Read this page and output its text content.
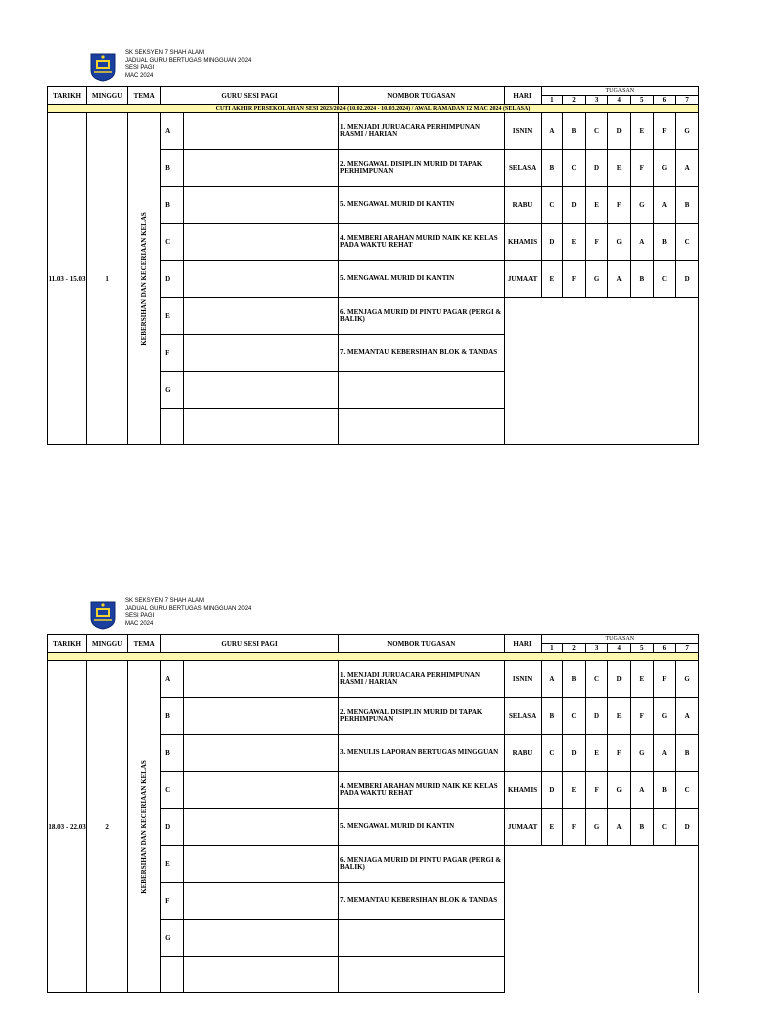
SK SEKSYEN 7 SHAH ALAM
JADUAL GURU BERTUGAS MINGGUAN 2024
SESI PAGI
MAC 2024
TARIKH	MINGGU	TEMA	GURU SESI PAGI		NOMBOR TUGASAN	HARI	TUGASAN						
							1	2	3	4	5	6	7
CUTI AKHIR PERSEKOLAHAN SESI 2023/2024 (10.02.2024 - 10.03.2024) / AWAL RAMADAN 12 MAC 2024 (SELASA)													
11.03 - 15.03	1	KEBERSIHAN DAN KECERIAAN KELAS	A		1. MENJADI JURUACARA PERHIMPUNAN RASMI / HARIAN	ISNIN	A	B	C	D	E	F	G
			B		2. MENGAWAL DISIPLIN MURID DI TAPAK PERHIMPUNAN	SELASA	B	C	D	E	F	G	A
			B		5. MENGAWAL MURID DI KANTIN	RABU	C	D	E	F	G	A	B
			C		4. MEMBERI ARAHAN MURID NAIK KE KELAS PADA WAKTU REHAT	KHAMIS	D	E	F	G	A	B	C
			D		5. MENGAWAL MURID DI KANTIN	JUMAAT	E	F	G	A	B	C	D
			E		6. MENJAGA MURID DI PINTU PAGAR (PERGI & BALIK)								
			F		7. MEMANTAU KEBERSIHAN BLOK & TANDAS								
			G										

SK SEKSYEN 7 SHAH ALAM
JADUAL GURU BERTUGAS MINGGUAN 2024
SESI PAGI
MAC 2024
TARIKH	MINGGU	TEMA	GURU SESI PAGI		NOMBOR TUGASAN	HARI	TUGASAN						
							1	2	3	4	5	6	7

18.03 - 22.03	2	KEBERSIHAN DAN KECERIAAN KELAS	A		1. MENJADI JURUACARA PERHIMPUNAN RASMI / HARIAN	ISNIN	A	B	C	D	E	F	G
			B		2. MENGAWAL DISIPLIN MURID DI TAPAK PERHIMPUNAN	SELASA	B	C	D	E	F	G	A
			B		3. MENULIS LAPORAN BERTUGAS MINGGUAN	RABU	C	D	E	F	G	A	B
			C		4. MEMBERI ARAHAN MURID NAIK KE KELAS PADA WAKTU REHAT	KHAMIS	D	E	F	G	A	B	C
			D		5. MENGAWAL MURID DI KANTIN	JUMAAT	E	F	G	A	B	C	D
			E		6. MENJAGA MURID DI PINTU PAGAR (PERGI & BALIK)								
			F		7. MEMANTAU KEBERSIHAN BLOK & TANDAS								
			G										
